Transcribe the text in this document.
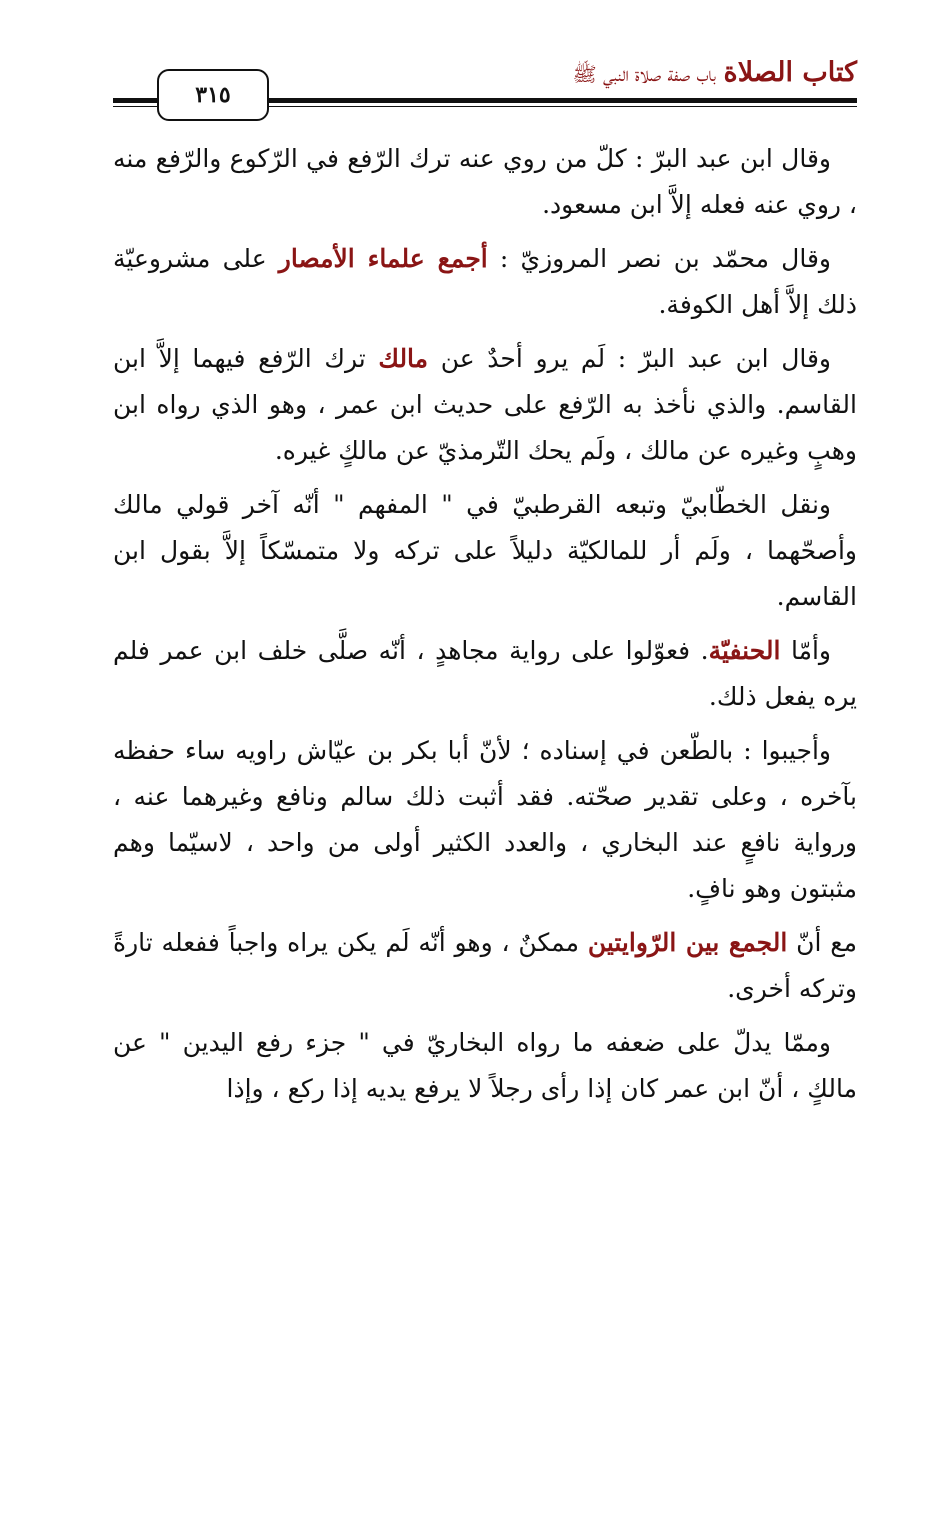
كتاب الصلاة باب صفة صلاة النبي ﷺ
٣١٥

وقال ابن عبد البرّ : كلّ من روي عنه ترك الرّفع في الرّكوع والرّفع منه ، روي عنه فعله إلاَّ ابن مسعود.

وقال محمّد بن نصر المروزيّ : أجمع علماء الأمصار على مشروعيّة ذلك إلاَّ أهل الكوفة.

وقال ابن عبد البرّ : لَم يرو أحدٌ عن مالك ترك الرّفع فيهما إلاَّ ابن القاسم. والذي نأخذ به الرّفع على حديث ابن عمر ، وهو الذي رواه ابن وهبٍ وغيره عن مالك ، ولَم يحك التّرمذيّ عن مالكٍ غيره.

ونقل الخطّابيّ وتبعه القرطبيّ في " المفهم " أنّه آخر قولي مالك وأصحّهما ، ولَم أر للمالكيّة دليلاً على تركه ولا متمسّكاً إلاَّ بقول ابن القاسم.

وأمّا الحنفيّة. فعوّلوا على رواية مجاهدٍ ، أنّه صلَّى خلف ابن عمر فلم يره يفعل ذلك.

وأجيبوا : بالطّعن في إسناده ؛ لأنّ أبا بكر بن عيّاش راويه ساء حفظه بآخره ، وعلى تقدير صحّته. فقد أثبت ذلك سالم ونافع وغيرهما عنه ، ورواية نافعٍ عند البخاري ، والعدد الكثير أولى من واحد ، لاسيّما وهم مثبتون وهو نافٍ.

مع أنّ الجمع بين الرّوايتين ممكنٌ ، وهو أنّه لَم يكن يراه واجباً ففعله تارةً وتركه أخرى.

وممّا يدلّ على ضعفه ما رواه البخاريّ في " جزء رفع اليدين " عن مالكٍ ، أنّ ابن عمر كان إذا رأى رجلاً لا يرفع يديه إذا ركع ، وإذا
